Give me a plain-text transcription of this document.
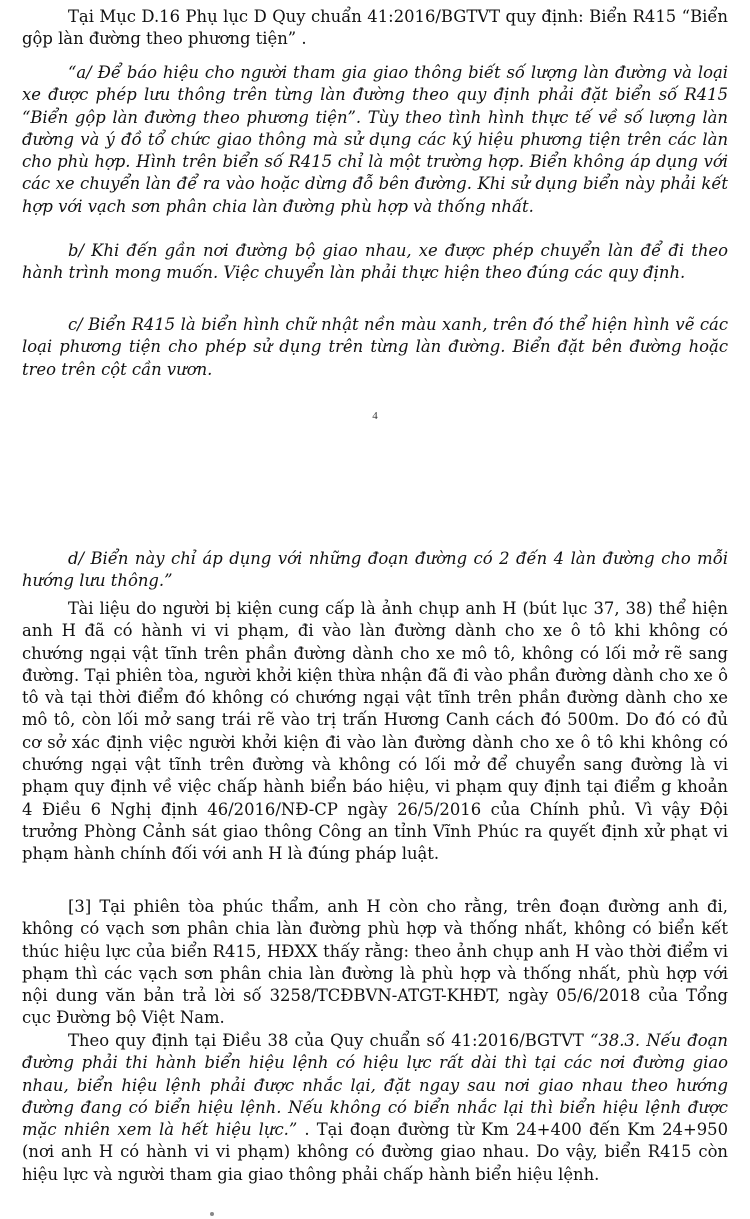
Tại Mục D.16 Phụ lục D Quy chuẩn 41:2016/BGTVT quy định: Biển R415 “Biển gộp làn đường theo phương tiện” .

“a/ Để báo hiệu cho người tham gia giao thông biết số lượng làn đường và loại xe được phép lưu thông trên từng làn đường theo quy định phải đặt biển số R415 “Biển gộp làn đường theo phương tiện”. Tùy theo tình hình thực tế về số lượng làn đường và ý đồ tổ chức giao thông mà sử dụng các ký hiệu phương tiện trên các làn cho phù hợp. Hình trên biển số R415 chỉ là một trường hợp. Biển không áp dụng với các xe chuyển làn để ra vào hoặc dừng đỗ bên đường. Khi sử dụng biển này phải kết hợp với vạch sơn phân chia làn đường phù hợp và thống nhất.

b/ Khi đến gần nơi đường bộ giao nhau, xe được phép chuyển làn để đi theo hành trình mong muốn. Việc chuyển làn phải thực hiện theo đúng các quy định.

c/ Biển R415 là biển hình chữ nhật nền màu xanh, trên đó thể hiện hình vẽ các loại phương tiện cho phép sử dụng trên từng làn đường. Biển đặt bên đường hoặc treo trên cột cần vươn.

4

d/ Biển này chỉ áp dụng với những đoạn đường có 2 đến 4 làn đường cho mỗi hướng lưu thông.”

Tài liệu do người bị kiện cung cấp là ảnh chụp anh H (bút lục 37, 38) thể hiện anh H đã có hành vi vi phạm, đi vào làn đường dành cho xe ô tô khi không có chướng ngại vật tĩnh trên phần đường dành cho xe mô tô, không có lối mở rẽ sang đường. Tại phiên tòa, người khởi kiện thừa nhận đã đi vào phần đường dành cho xe ô tô và tại thời điểm đó không có chướng ngại vật tĩnh trên phần đường dành cho xe mô tô, còn lối mở sang trái rẽ vào trị trấn Hương Canh cách đó 500m. Do đó có đủ cơ sở xác định việc người khởi kiện đi vào làn đường dành cho xe ô tô khi không có chướng ngại vật tĩnh trên đường và không có lối mở để chuyển sang đường là vi phạm quy định về việc chấp hành biển báo hiệu, vi phạm quy định tại điểm g khoản 4 Điều 6 Nghị định 46/2016/NĐ-CP ngày 26/5/2016 của Chính phủ. Vì vậy Đội trưởng Phòng Cảnh sát giao thông Công an tỉnh Vĩnh Phúc ra quyết định xử phạt vi phạm hành chính đối với anh H là đúng pháp luật.

[3] Tại phiên tòa phúc thẩm, anh H còn cho rằng, trên đoạn đường anh đi, không có vạch sơn phân chia làn đường phù hợp và thống nhất, không có biển kết thúc hiệu lực của biển R415, HĐXX thấy rằng: theo ảnh chụp anh H vào thời điểm vi phạm thì các vạch sơn phân chia làn đường là phù hợp và thống nhất, phù hợp với nội dung văn bản trả lời số 3258/TCĐBVN-ATGT-KHĐT, ngày 05/6/2018 của Tổng cục Đường bộ Việt Nam.

Theo quy định tại Điều 38 của Quy chuẩn số 41:2016/BGTVT “38.3. Nếu đoạn đường phải thi hành biển hiệu lệnh có hiệu lực rất dài thì tại các nơi đường giao nhau, biển hiệu lệnh phải được nhắc lại, đặt ngay sau nơi giao nhau theo hướng đường đang có biển hiệu lệnh. Nếu không có biển nhắc lại thì biển hiệu lệnh được mặc nhiên xem là hết hiệu lực.” . Tại đoạn đường từ Km 24+400 đến Km 24+950 (nơi anh H có hành vi vi phạm) không có đường giao nhau. Do vậy, biển R415 còn hiệu lực và người tham gia giao thông phải chấp hành biển hiệu lệnh.
